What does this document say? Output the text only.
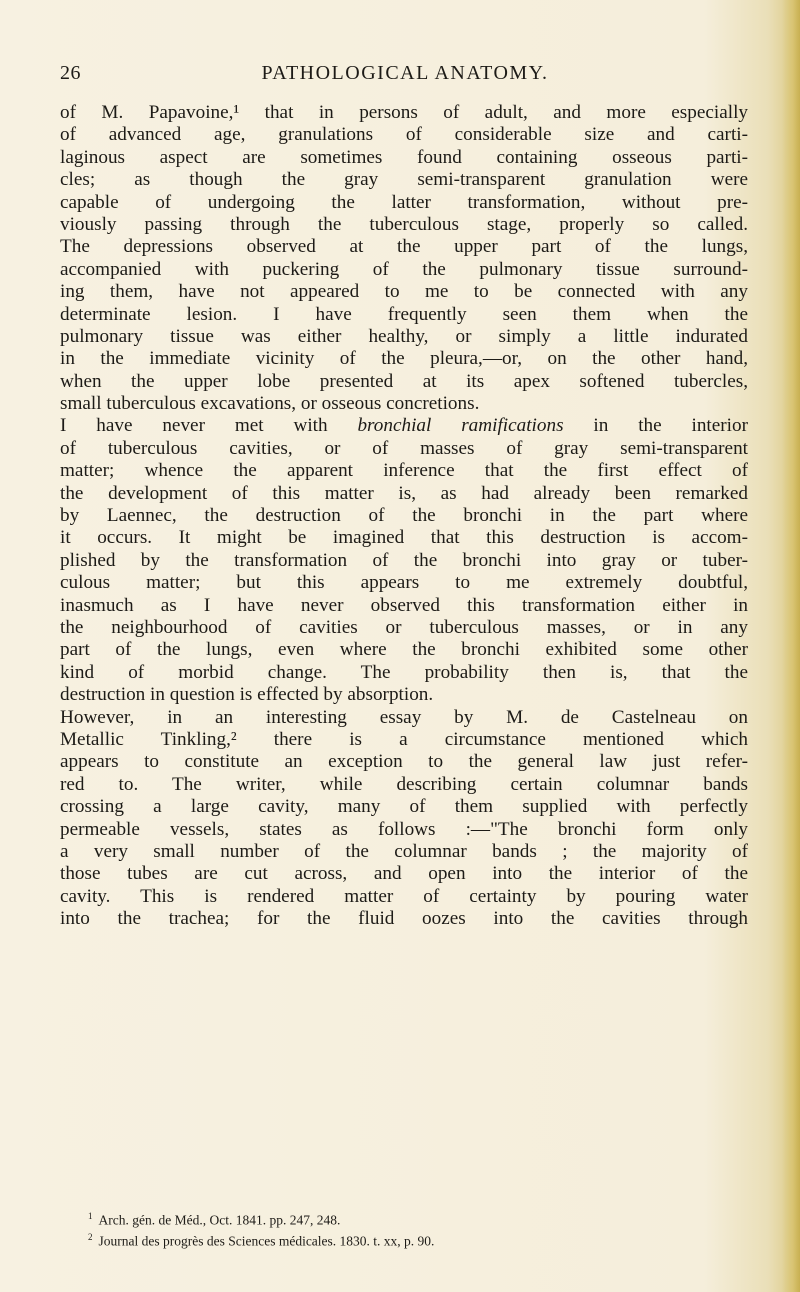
26	PATHOLOGICAL ANATOMY.
of M. Papavoine,¹ that in persons of adult, and more especially
of advanced age, granulations of considerable size and carti-
laginous aspect are sometimes found containing osseous parti-
cles; as though the gray semi-transparent granulation were
capable of undergoing the latter transformation, without pre-
viously passing through the tuberculous stage, properly so called.
The depressions observed at the upper part of the lungs,
accompanied with puckering of the pulmonary tissue surround-
ing them, have not appeared to me to be connected with any
determinate lesion. I have frequently seen them when the
pulmonary tissue was either healthy, or simply a little indurated
in the immediate vicinity of the pleura,—or, on the other hand,
when the upper lobe presented at its apex softened tubercles,
small tuberculous excavations, or osseous concretions.
I have never met with bronchial ramifications in the interior
of tuberculous cavities, or of masses of gray semi-transparent
matter; whence the apparent inference that the first effect of
the development of this matter is, as had already been remarked
by Laennec, the destruction of the bronchi in the part where
it occurs. It might be imagined that this destruction is accom-
plished by the transformation of the bronchi into gray or tuber-
culous matter; but this appears to me extremely doubtful,
inasmuch as I have never observed this transformation either in
the neighbourhood of cavities or tuberculous masses, or in any
part of the lungs, even where the bronchi exhibited some other
kind of morbid change. The probability then is, that the
destruction in question is effected by absorption.
However, in an interesting essay by M. de Castelneau on
Metallic Tinkling,² there is a circumstance mentioned which
appears to constitute an exception to the general law just refer-
red to. The writer, while describing certain columnar bands
crossing a large cavity, many of them supplied with perfectly
permeable vessels, states as follows :—"The bronchi form only
a very small number of the columnar bands ; the majority of
those tubes are cut across, and open into the interior of the
cavity. This is rendered matter of certainty by pouring water
into the trachea; for the fluid oozes into the cavities through
$^1$ Arch. gén. de Méd., Oct. 1841. pp. 247, 248.
$^2$ Journal des progrès des Sciences médicales. 1830. t. xx, p. 90.
